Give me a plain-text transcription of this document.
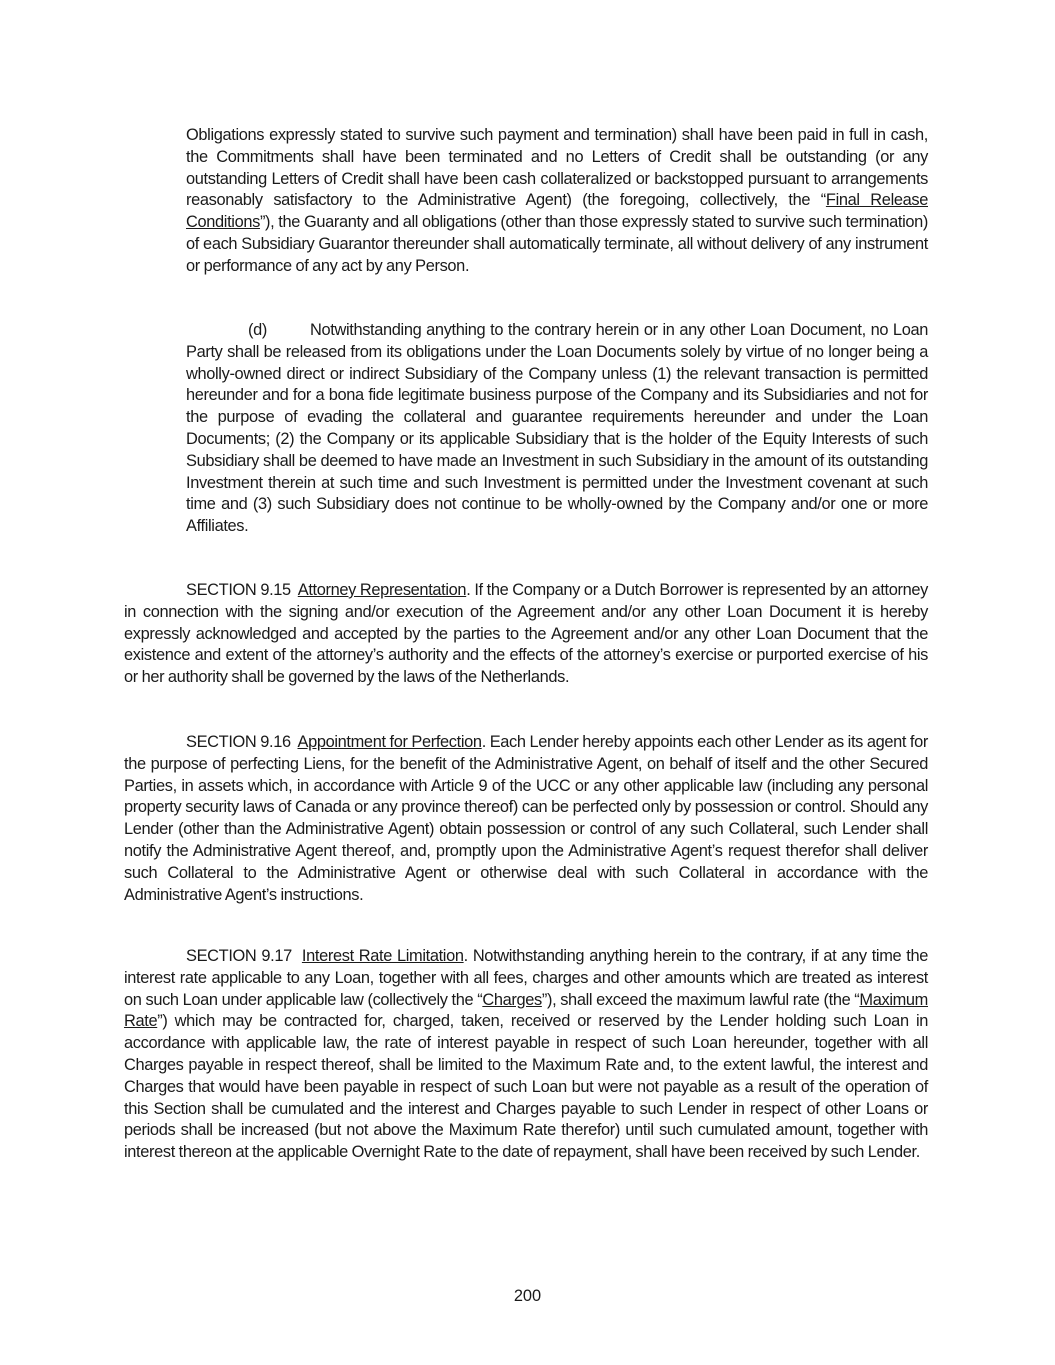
Obligations expressly stated to survive such payment and termination) shall have been paid in full in cash, the Commitments shall have been terminated and no Letters of Credit shall be outstanding (or any outstanding Letters of Credit shall have been cash collateralized or backstopped pursuant to arrangements reasonably satisfactory to the Administrative Agent) (the foregoing, collectively, the “Final Release Conditions”), the Guaranty and all obligations (other than those expressly stated to survive such termination) of each Subsidiary Guarantor thereunder shall automatically terminate, all without delivery of any instrument or performance of any act by any Person.

(d)	Notwithstanding anything to the contrary herein or in any other Loan Document, no Loan Party shall be released from its obligations under the Loan Documents solely by virtue of no longer being a wholly-owned direct or indirect Subsidiary of the Company unless (1) the relevant transaction is permitted hereunder and for a bona fide legitimate business purpose of the Company and its Subsidiaries and not for the purpose of evading the collateral and guarantee requirements hereunder and under the Loan Documents; (2) the Company or its applicable Subsidiary that is the holder of the Equity Interests of such Subsidiary shall be deemed to have made an Investment in such Subsidiary in the amount of its outstanding Investment therein at such time and such Investment is permitted under the Investment covenant at such time and (3) such Subsidiary does not continue to be wholly-owned by the Company and/or one or more Affiliates.

SECTION 9.15 Attorney Representation. If the Company or a Dutch Borrower is represented by an attorney in connection with the signing and/or execution of the Agreement and/or any other Loan Document it is hereby expressly acknowledged and accepted by the parties to the Agreement and/or any other Loan Document that the existence and extent of the attorney’s authority and the effects of the attorney’s exercise or purported exercise of his or her authority shall be governed by the laws of the Netherlands.

SECTION 9.16 Appointment for Perfection. Each Lender hereby appoints each other Lender as its agent for the purpose of perfecting Liens, for the benefit of the Administrative Agent, on behalf of itself and the other Secured Parties, in assets which, in accordance with Article 9 of the UCC or any other applicable law (including any personal property security laws of Canada or any province thereof) can be perfected only by possession or control. Should any Lender (other than the Administrative Agent) obtain possession or control of any such Collateral, such Lender shall notify the Administrative Agent thereof, and, promptly upon the Administrative Agent’s request therefor shall deliver such Collateral to the Administrative Agent or otherwise deal with such Collateral in accordance with the Administrative Agent’s instructions.

SECTION 9.17 Interest Rate Limitation. Notwithstanding anything herein to the contrary, if at any time the interest rate applicable to any Loan, together with all fees, charges and other amounts which are treated as interest on such Loan under applicable law (collectively the “Charges”), shall exceed the maximum lawful rate (the “Maximum Rate”) which may be contracted for, charged, taken, received or reserved by the Lender holding such Loan in accordance with applicable law, the rate of interest payable in respect of such Loan hereunder, together with all Charges payable in respect thereof, shall be limited to the Maximum Rate and, to the extent lawful, the interest and Charges that would have been payable in respect of such Loan but were not payable as a result of the operation of this Section shall be cumulated and the interest and Charges payable to such Lender in respect of other Loans or periods shall be increased (but not above the Maximum Rate therefor) until such cumulated amount, together with interest thereon at the applicable Overnight Rate to the date of repayment, shall have been received by such Lender.

200
